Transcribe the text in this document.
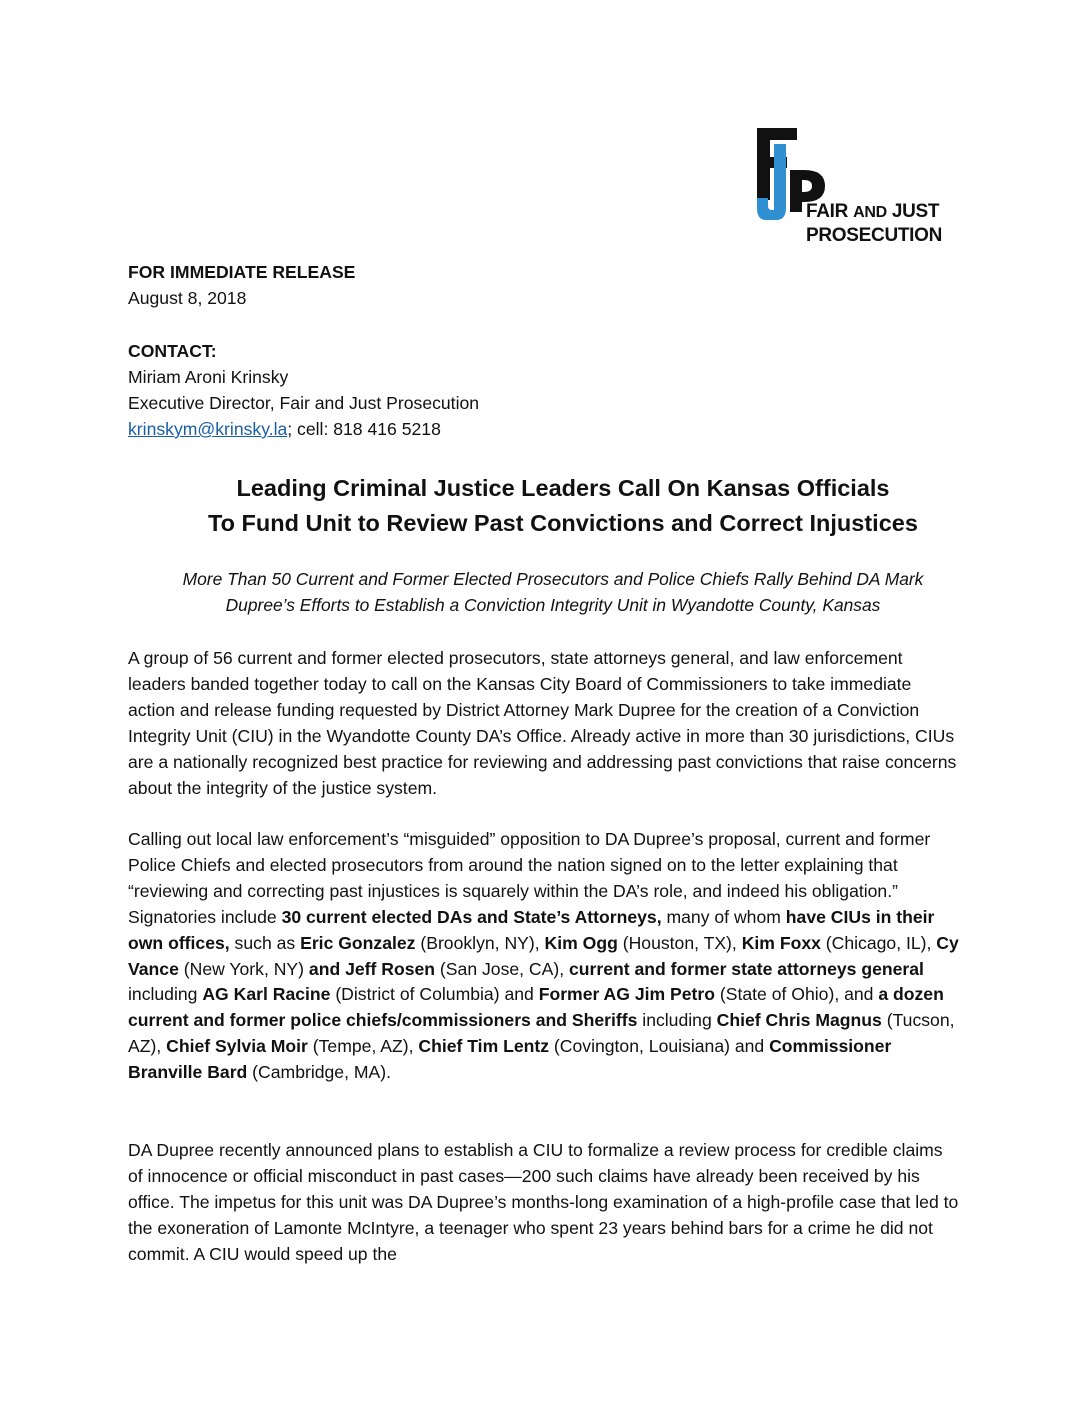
FAIR AND JUST
PROSECUTION
FOR IMMEDIATE RELEASE
August 8, 2018
CONTACT:
Miriam Aroni Krinsky
Executive Director, Fair and Just Prosecution
krinskym@krinsky.la; cell: 818 416 5218
Leading Criminal Justice Leaders Call On Kansas Officials
To Fund Unit to Review Past Convictions and Correct Injustices
More Than 50 Current and Former Elected Prosecutors and Police Chiefs Rally Behind DA Mark
Dupree’s Efforts to Establish a Conviction Integrity Unit in Wyandotte County, Kansas
A group of 56 current and former elected prosecutors, state attorneys general, and law enforcement leaders banded together today to call on the Kansas City Board of Commissioners to take immediate action and release funding requested by District Attorney Mark Dupree for the creation of a Conviction Integrity Unit (CIU) in the Wyandotte County DA’s Office. Already active in more than 30 jurisdictions, CIUs are a nationally recognized best practice for reviewing and addressing past convictions that raise concerns about the integrity of the justice system.
Calling out local law enforcement’s “misguided” opposition to DA Dupree’s proposal, current and former Police Chiefs and elected prosecutors from around the nation signed on to the letter explaining that “reviewing and correcting past injustices is squarely within the DA’s role, and indeed his obligation.” Signatories include 30 current elected DAs and State’s Attorneys, many of whom have CIUs in their own offices, such as Eric Gonzalez (Brooklyn, NY), Kim Ogg (Houston, TX), Kim Foxx (Chicago, IL), Cy Vance (New York, NY) and Jeff Rosen (San Jose, CA), current and former state attorneys general including AG Karl Racine (District of Columbia) and Former AG Jim Petro (State of Ohio), and a dozen current and former police chiefs/commissioners and Sheriffs including Chief Chris Magnus (Tucson, AZ), Chief Sylvia Moir (Tempe, AZ), Chief Tim Lentz (Covington, Louisiana) and Commissioner Branville Bard (Cambridge, MA).
DA Dupree recently announced plans to establish a CIU to formalize a review process for credible claims of innocence or official misconduct in past cases—200 such claims have already been received by his office. The impetus for this unit was DA Dupree’s months-long examination of a high-profile case that led to the exoneration of Lamonte McIntyre, a teenager who spent 23 years behind bars for a crime he did not commit. A CIU would speed up the
